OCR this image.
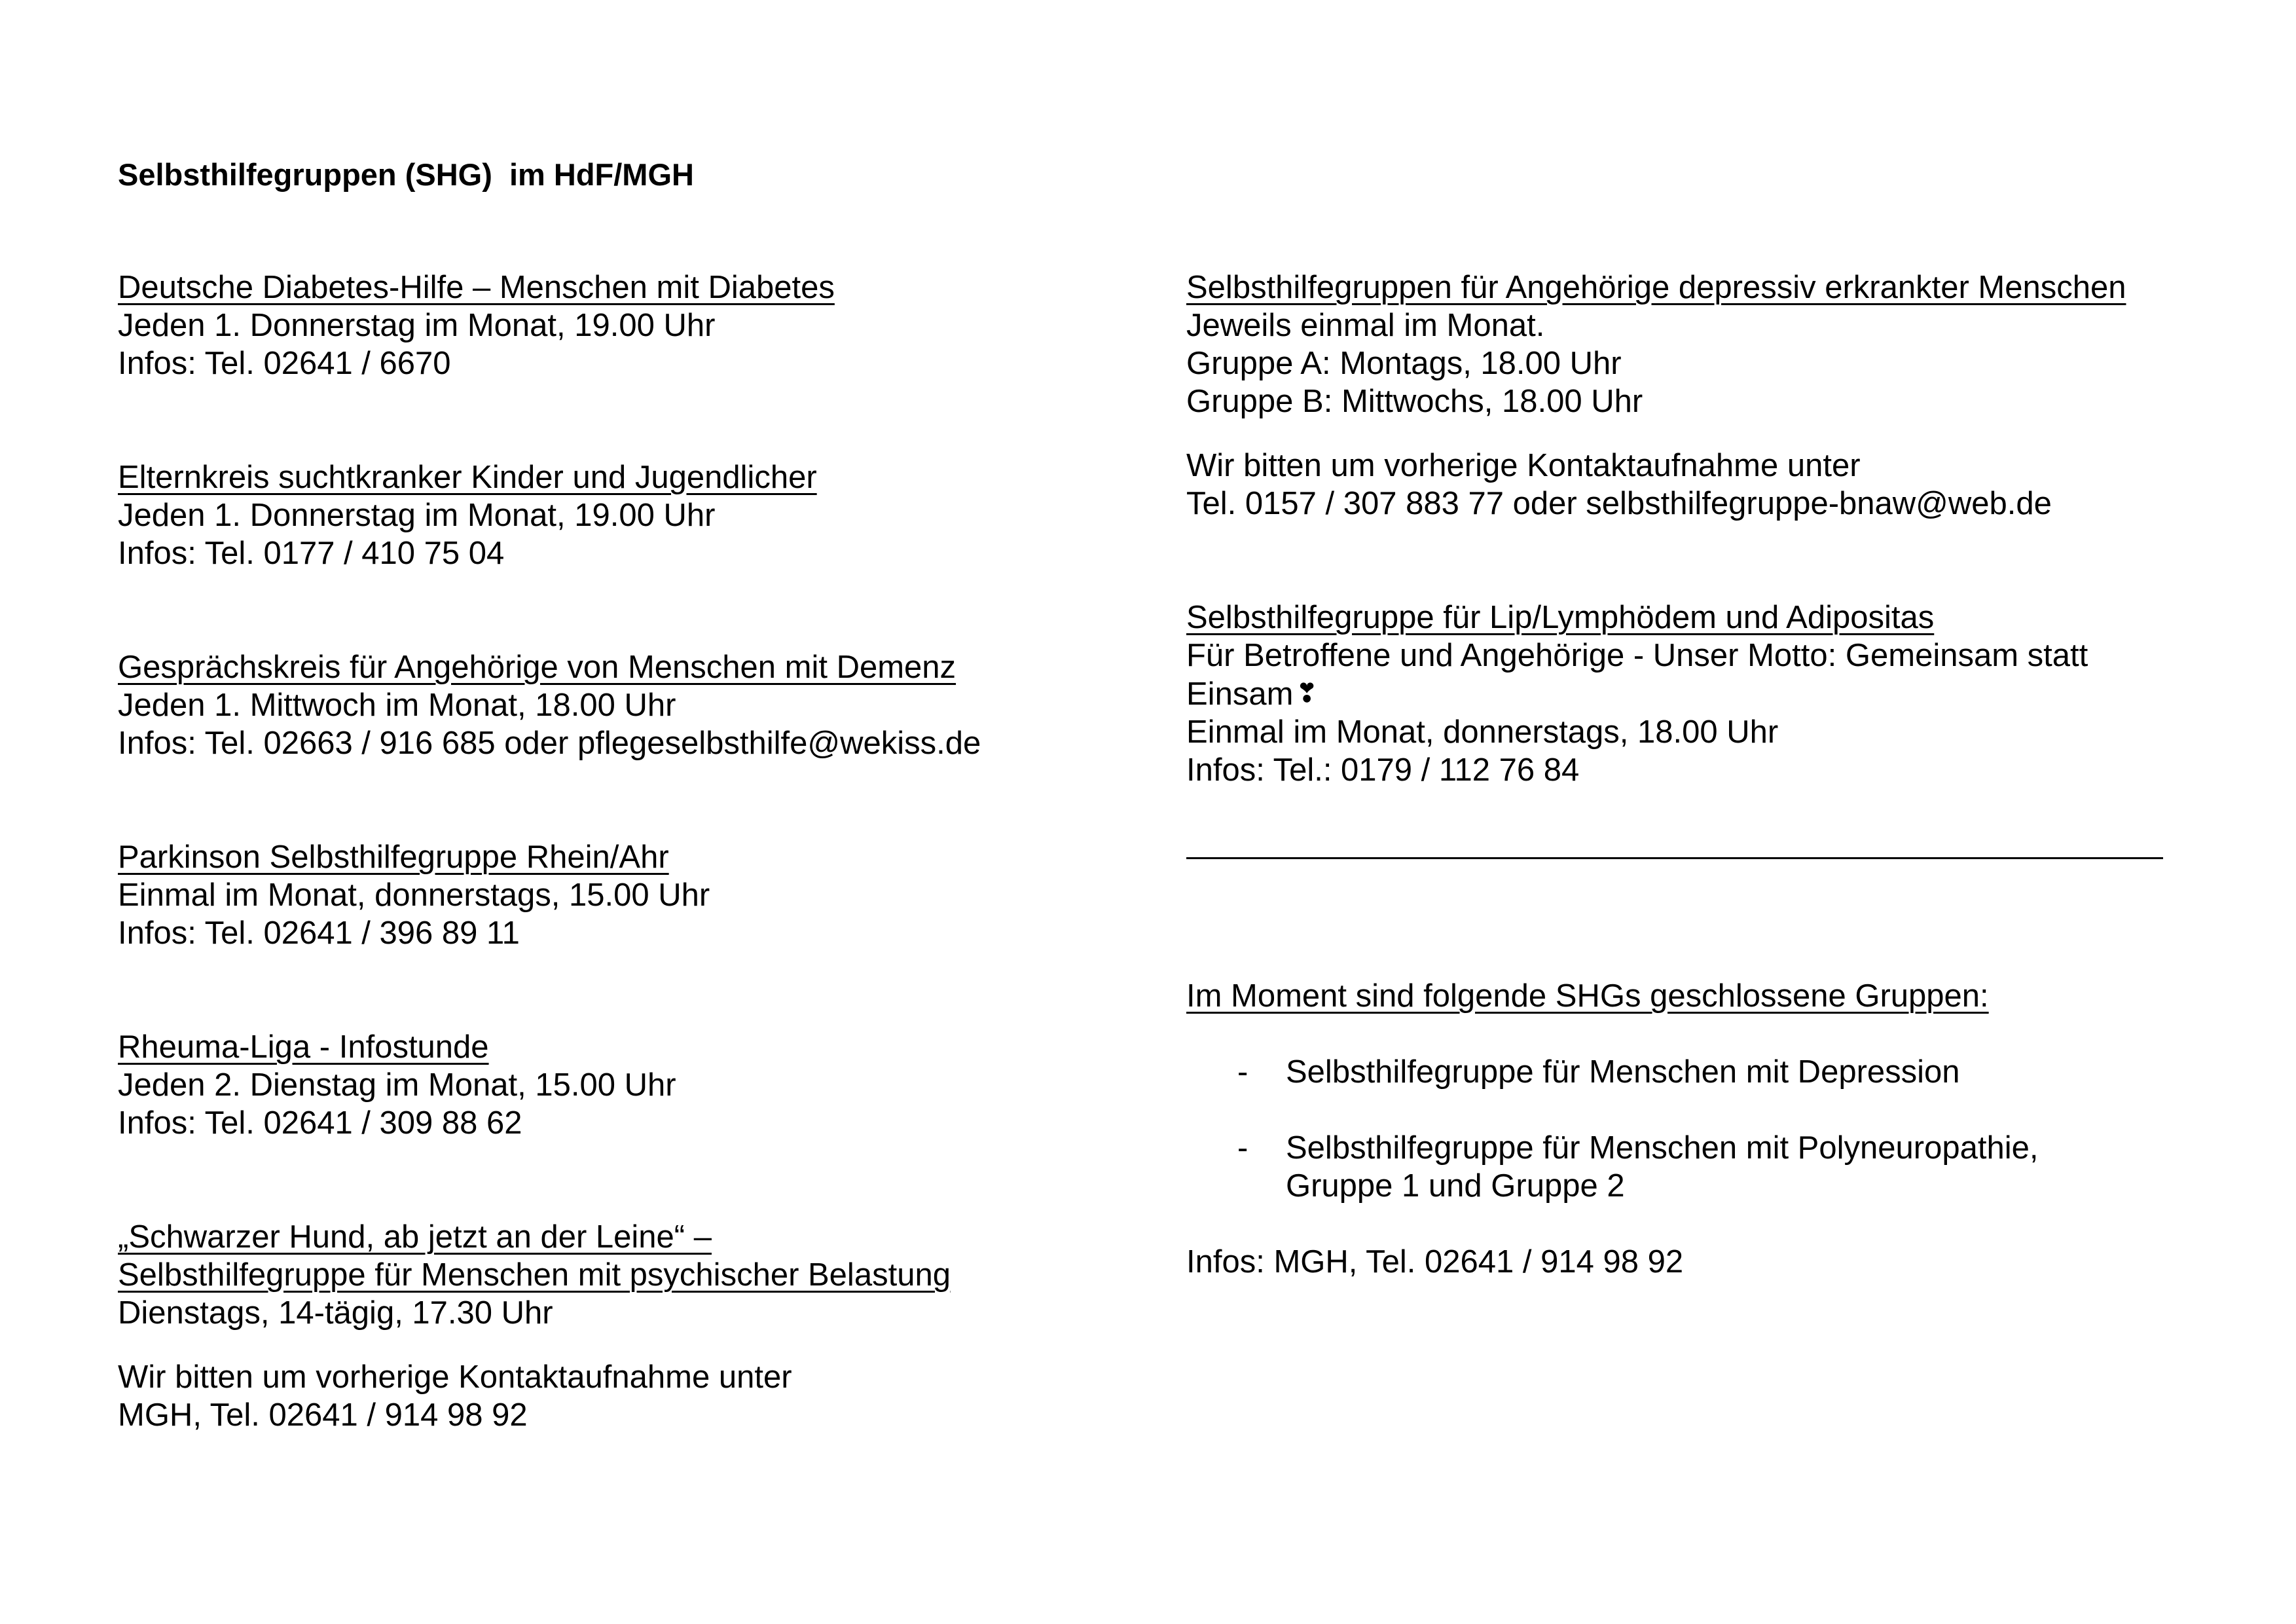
Selbsthilfegruppen (SHG)  im HdF/MGH
Deutsche Diabetes-Hilfe – Menschen mit Diabetes
Jeden 1. Donnerstag im Monat, 19.00 Uhr
Infos: Tel. 02641 / 6670
Elternkreis suchtkranker Kinder und Jugendlicher
Jeden 1. Donnerstag im Monat, 19.00 Uhr
Infos: Tel. 0177 / 410 75 04
Gesprächskreis für Angehörige von Menschen mit Demenz
Jeden 1. Mittwoch im Monat, 18.00 Uhr
Infos: Tel. 02663 / 916 685 oder pflegeselbsthilfe@wekiss.de
Parkinson Selbsthilfegruppe Rhein/Ahr
Einmal im Monat, donnerstags, 15.00 Uhr
Infos: Tel. 02641 / 396 89 11
Rheuma-Liga - Infostunde
Jeden 2. Dienstag im Monat, 15.00 Uhr
Infos: Tel. 02641 / 309 88 62
„Schwarzer Hund, ab jetzt an der Leine“ –
Selbsthilfegruppe für Menschen mit psychischer Belastung
Dienstags, 14-tägig, 17.30 Uhr
Wir bitten um vorherige Kontaktaufnahme unter
MGH, Tel. 02641 / 914 98 92
Selbsthilfegruppen für Angehörige depressiv erkrankter Menschen
Jeweils einmal im Monat.
Gruppe A: Montags, 18.00 Uhr
Gruppe B: Mittwochs, 18.00 Uhr
Wir bitten um vorherige Kontaktaufnahme unter
Tel. 0157 / 307 883 77 oder selbsthilfegruppe-bnaw@web.de
Selbsthilfegruppe für Lip/Lymphödem und Adipositas
Für Betroffene und Angehörige - Unser Motto: Gemeinsam statt
Einsam ❣
Einmal im Monat, donnerstags, 18.00 Uhr
Infos: Tel.: 0179 / 112 76 84
Im Moment sind folgende SHGs geschlossene Gruppen:
- Selbsthilfegruppe für Menschen mit Depression
- Selbsthilfegruppe für Menschen mit Polyneuropathie,
Gruppe 1 und Gruppe 2
Infos: MGH, Tel. 02641 / 914 98 92
